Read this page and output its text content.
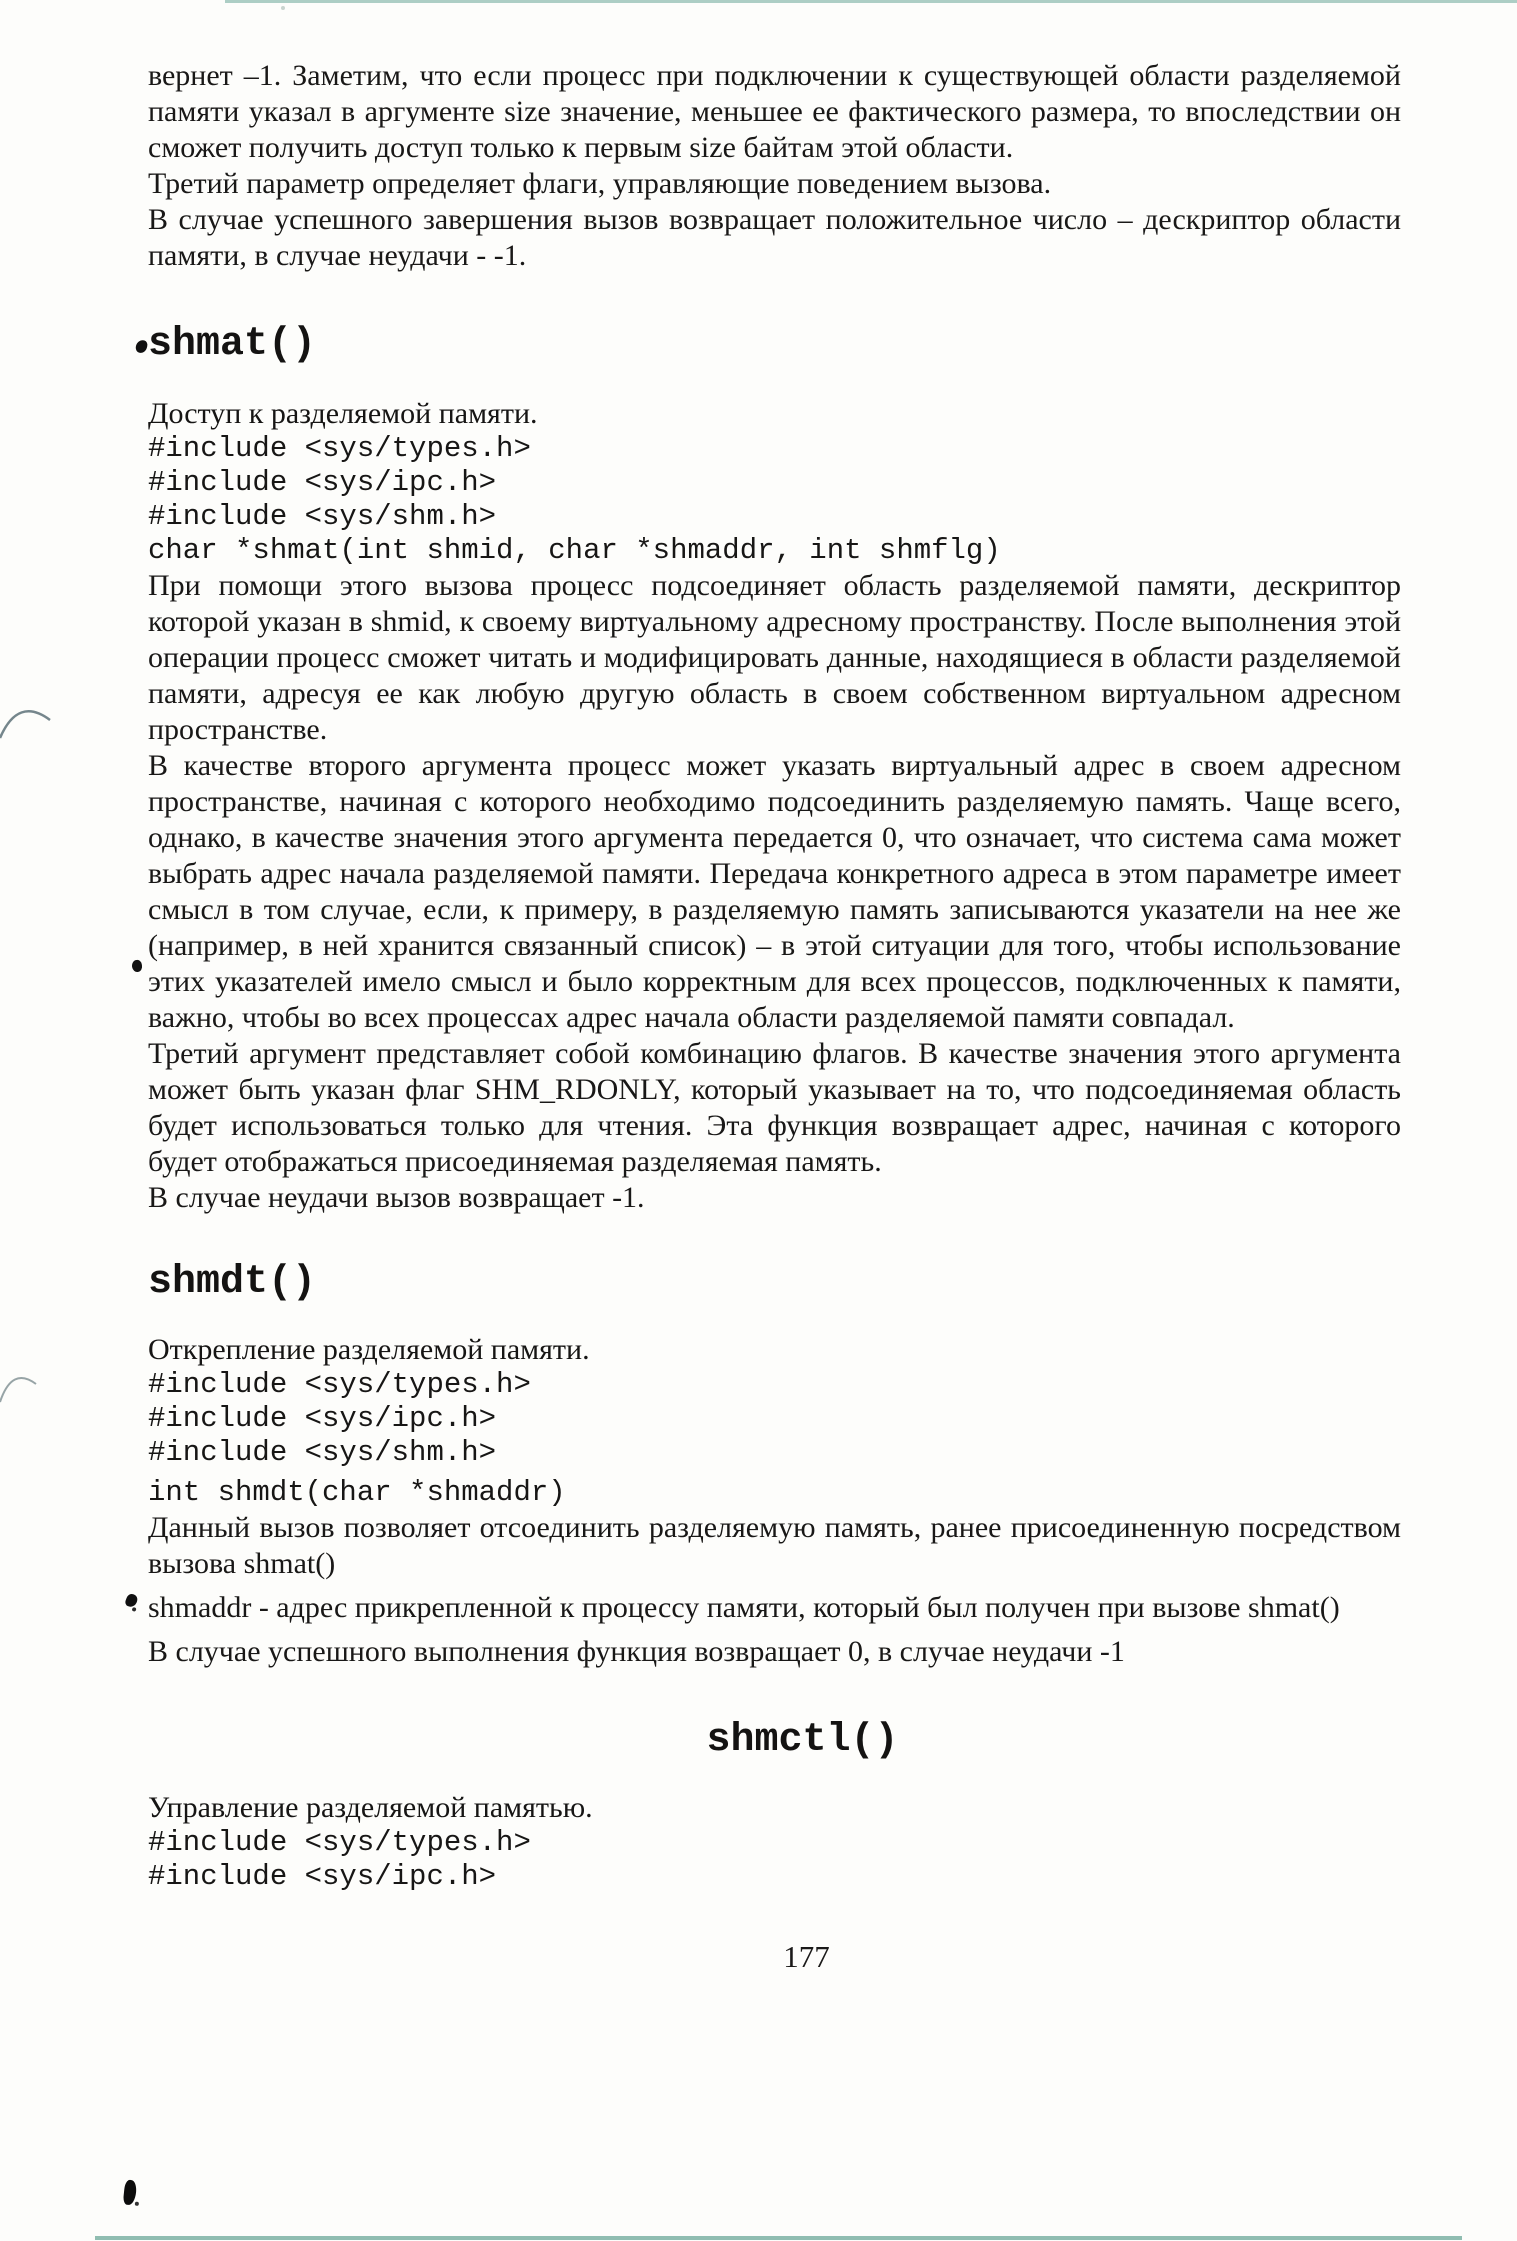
вернет –1. Заметим, что если процесс при подключении к существующей области разделяемой памяти указал в аргументе size значение, меньшее ее фактического размера, то впоследствии он сможет получить доступ только к первым size байтам этой области.

Третий параметр определяет флаги, управляющие поведением вызова.

В случае успешного завершения вызов возвращает положительное число – дескриптор области памяти, в случае неудачи - -1.

shmat()

Доступ к разделяемой памяти.

#include <sys/types.h>
#include <sys/ipc.h>
#include <sys/shm.h>
char *shmat(int shmid, char *shmaddr, int shmflg)

При помощи этого вызова процесс подсоединяет область разделяемой памяти, дескриптор которой указан в shmid, к своему виртуальному адресному пространству. После выполнения этой операции процесс сможет читать и модифицировать данные, находящиеся в области разделяемой памяти, адресуя ее как любую другую область в своем собственном виртуальном адресном пространстве.

В качестве второго аргумента процесс может указать виртуальный адрес в своем адресном пространстве, начиная с которого необходимо подсоединить разделяемую память. Чаще всего, однако, в качестве значения этого аргумента передается 0, что означает, что система сама может выбрать адрес начала разделяемой памяти. Передача конкретного адреса в этом параметре имеет смысл в том случае, если, к примеру, в разделяемую память записываются указатели на нее же (например, в ней хранится связанный список) – в этой ситуации для того, чтобы использование этих указателей имело смысл и было корректным для всех процессов, подключенных к памяти, важно, чтобы во всех процессах адрес начала области разделяемой памяти совпадал.

Третий аргумент представляет собой комбинацию флагов. В качестве значения этого аргумента может быть указан флаг SHM_RDONLY, который указывает на то, что подсоединяемая область будет использоваться только для чтения. Эта функция возвращает адрес, начиная с которого будет отображаться присоединяемая разделяемая память.

В случае неудачи вызов возвращает -1.

shmdt()

Открепление разделяемой памяти.

#include <sys/types.h>
#include <sys/ipc.h>
#include <sys/shm.h>
int shmdt(char *shmaddr)

Данный вызов позволяет отсоединить разделяемую память, ранее присоединенную посредством вызова shmat()

shmaddr - адрес прикрепленной к процессу памяти, который был получен при вызове shmat()

В случае успешного выполнения функция возвращает 0, в случае неудачи -1

shmctl()

Управление разделяемой памятью.

#include <sys/types.h>
#include <sys/ipc.h>
177
